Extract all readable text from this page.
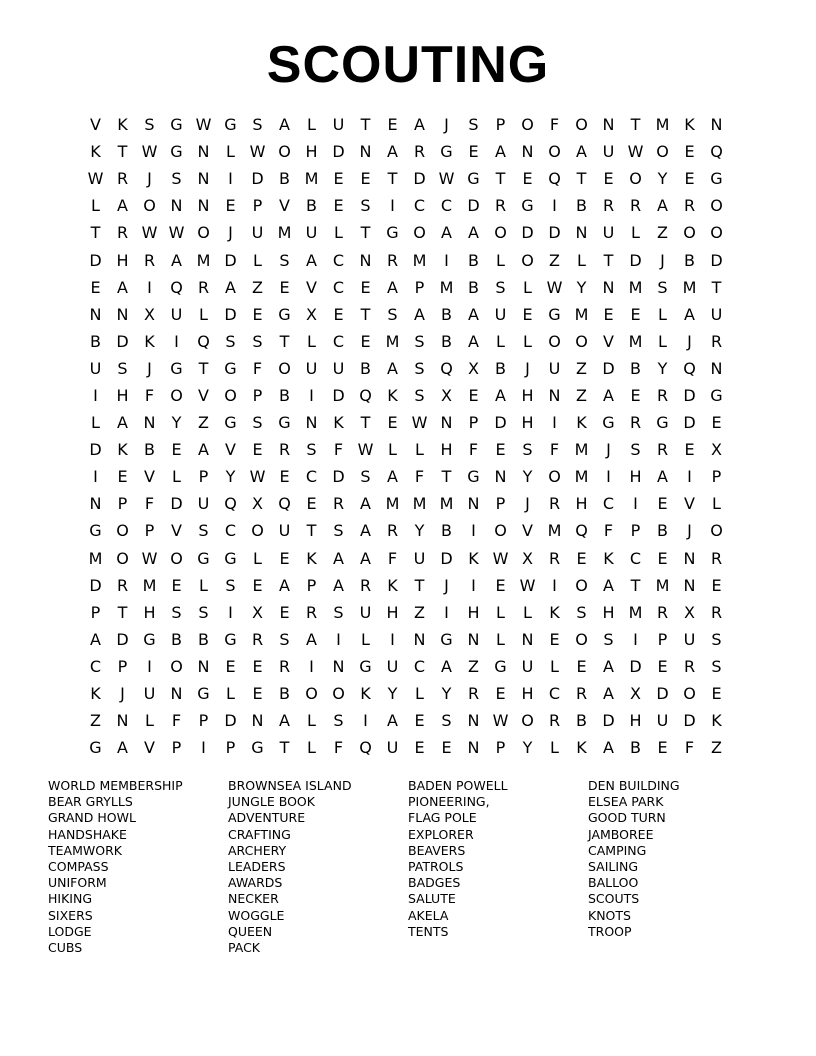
SCOUTING
V	K	S G W G S	A	L	U	T	E	A	J	S	P O	F	O N	T M K N
K	T W G N	L W O H D N A R G E	A N O A U W O E Q
W R	J	S N	I	D B M E	E	T D W G T	E Q T	E O Y	E G
L	A O N N E	P	V	B	E	S	I	C C D R G	I	B R R A R O
T	R W W O	J	U M U	L	T G O A	A O D D N U	L	Z O O
D H R A M D	L	S	A C N R M	I	B	L	O Z	L	T D	J	B D
E	A	I	Q R A	Z	E	V C	E	A	P M B	S	L W Y	N M S M T
N N X U	L	D E G X	E	T	S	A	B	A U	E G M E	E	L	A U
B D K	I	Q S	S	T	L	C	E M S	B	A	L	L	O O V M L	J	R
U	S	J	G T G	F	O U U B	A	S Q X	B	J	U Z D B	Y Q N
I	H	F	O V O P	B	I	D Q K	S	X	E	A H N Z	A	E	R D G
L	A N	Y	Z G S G N K	T	E W N	P	D H	I	K G R G D E
D K	B	E	A	V	E	R	S	F W L	L	H	F	E	S	F M	J	S	R	E	X
I	E	V	L	P	Y W E	C D S	A	F	T G N	Y O M	I	H A	I	P
N	P	F	D U Q X Q E	R A M M M N	P	J	R H C	I	E	V	L
G O P	V	S	C O U	T	S	A R	Y	B	I	O V M Q	F	P	B	J	O
M O W O G G	L	E	K	A	A	F	U D K W X R	E	K	C	E N R
D R M E	L	S	E	A	P	A R	K	T	J	I	E W	I	O A	T M N E
P	T	H S	S	I	X	E	R	S	U H Z	I	H	L	L	K	S H M R X R
A D G B	B G R	S	A	I	L	I	N G N	L	N E O S	I	P	U	S
C	P	I	O N E	E	R	I	N G U C A	Z G U	L	E	A D E	R	S
K	J	U N G	L	E	B O O K	Y	L	Y	R	E H C R A	X D O E
Z N	L	F	P	D N A	L	S	I	A	E	S N W O R B D H U D K
G A	V	P	I	P G T	L	F	Q U	E	E N	P	Y	L	K	A	B	E	F	Z
WORLD MEMBERSHIP
BEAR GRYLLS
GRAND HOWL
HANDSHAKE
TEAMWORK
COMPASS
UNIFORM
HIKING
SIXERS
LODGE
CUBS
BROWNSEA ISLAND
JUNGLE BOOK
ADVENTURE
CRAFTING
ARCHERY
LEADERS
AWARDS
NECKER
WOGGLE
QUEEN
PACK
BADEN POWELL
PIONEERING,
FLAG POLE
EXPLORER
BEAVERS
PATROLS
BADGES
SALUTE
AKELA
TENTS
DEN BUILDING
ELSEA PARK
GOOD TURN
JAMBOREE
CAMPING
SAILING
BALLOO
SCOUTS
KNOTS
TROOP
